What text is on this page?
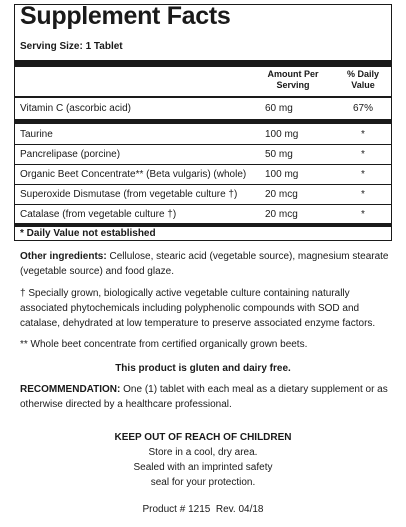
Supplement Facts
Serving Size: 1 Tablet
Amount Per Serving
% Daily Value
Vitamin C (ascorbic acid)	60 mg	67%
Taurine	100 mg	*
Pancrelipase (porcine)	50 mg	*
Organic Beet Concentrate** (Beta vulgaris) (whole) 100 mg	*
Superoxide Dismutase (from vegetable culture †)	20 mcg	*
Catalase (from vegetable culture †)	20 mcg	*
* Daily Value not established
Other ingredients: Cellulose, stearic acid (vegetable source), magnesium stearate (vegetable source) and food glaze.
† Specially grown, biologically active vegetable culture containing naturally associated phytochemicals including polyphenolic compounds with SOD and catalase, dehydrated at low temperature to preserve associated enzyme factors.
** Whole beet concentrate from certified organically grown beets.
This product is gluten and dairy free.
RECOMMENDATION: One (1) tablet with each meal as a dietary supplement or as otherwise directed by a healthcare professional.
KEEP OUT OF REACH OF CHILDREN
Store in a cool, dry area.
Sealed with an imprinted safety
seal for your protection.
Product # 1215  Rev. 04/18
